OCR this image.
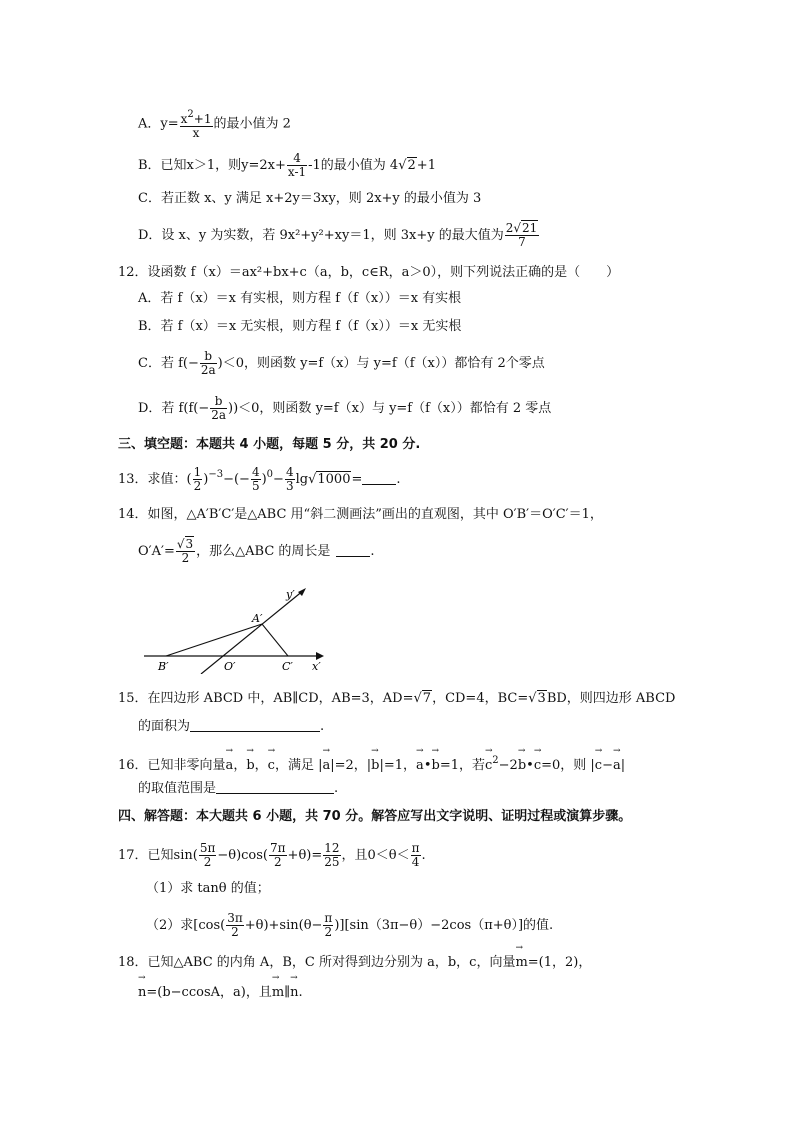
A．$y= \frac{x^2+1}{x}$ 的最小值为 2
B．已知x＞1，则$y=2x+ \frac{4}{x-1} -1$的最小值为 4√2+1
C．若正数 x、y 满足 x+2y＝3xy，则 2x+y 的最小值为 3
D．设 x、y 为实数，若 9x²+y²+xy＝1，则 3x+y 的最大值为 $\frac{2√21}{7}$
12．设函数 f（x）＝ax²+bx+c（a，b，c∈R，a＞0），则下列说法正确的是（　　）
A．若 f（x）＝x 有实根，则方程 f（f（x））＝x 有实根
B．若 f（x）＝x 无实根，则方程 f（f（x））＝x 无实根
C．若 $f(- \frac{b}{2a} )<0$，则函数 y=f（x）与 y=f（f（x））都恰有 2个零点
D．若 $f(f(- \frac{b}{2a} ))<0$，则函数 y=f（x）与 y=f（f（x））都恰有 2 零点
三、填空题：本题共 4 小题，每题 5 分，共 20 分.
13．求值：( $\frac{1}{2} )^{-3}-(- \frac{4}{5} )^0- \frac{4}{3} \lg√1000=$	.
14．如图，△A′B′C′是△ABC 用“斜二测画法”画出的直观图，其中 O′B′＝O′C′＝1，
$O'A'= \frac{√3}{2}$ ，那么△ABC 的周长是	.
y′
A′
B′	O′	C′ x′
15．在四边形 ABCD 中，AB∥CD，AB=3，AD=√7，CD=4，BC=√3BD，则四边形 ABCD
的面积为	.
16．已知非零向量→ a，→ b，→ c，满足 |→ a|=2，|→ b|=1，→ a•→ b=1，若→ $c^2-2\to$ b•→ c=0，则 |→ c−→ a|
的取值范围是	.
四、解答题：本大题共 6 小题，共 70 分。解答应写出文字说明、证明过程或演算步骤。
17．已知$\sin( \frac{5\pi}{2} -\theta)\cos( \frac{7\pi}{2} +\theta)= \frac{12}{25}$ ，且$0<\theta< \frac{\pi}{4}$ .
（1）求 tanθ 的值；
（2）求$[\cos( \frac{3\pi}{2} +\theta)+\sin(\theta- \frac{\pi}{2} )][\sin(3\pi-\theta)-2\cos(\pi+\theta)]$的值.
18．已知△ABC 的内角 A，B，C 所对得到边分别为 a，b，c，向量→ m=(1，2)，
→ n=(b−ccosA，a)，且→ m∥→ n.
